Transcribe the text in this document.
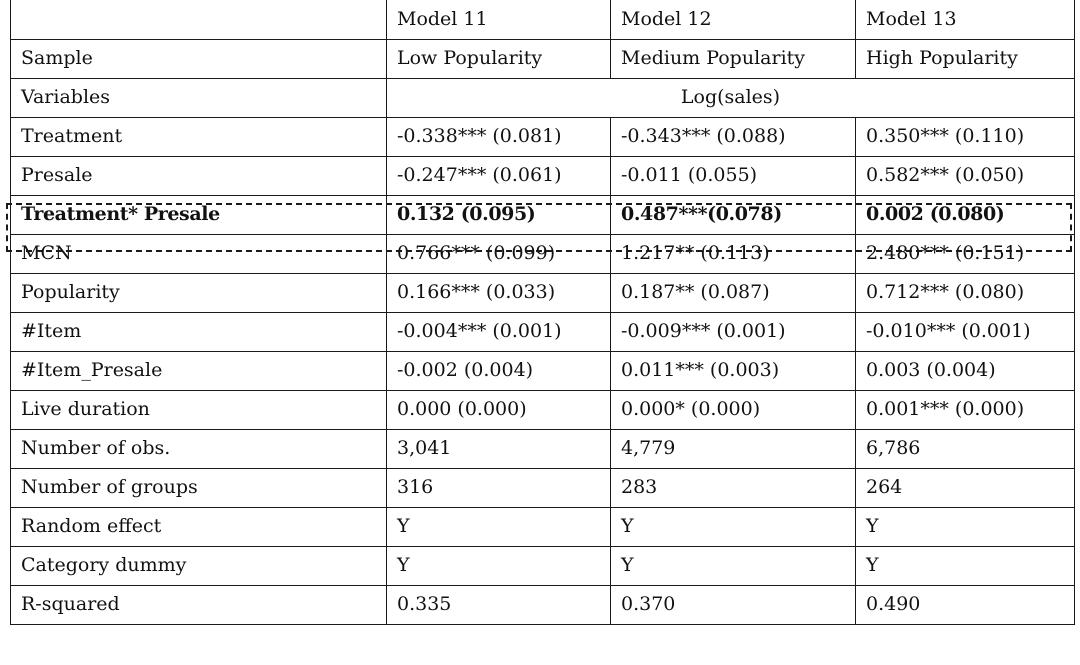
	Model 11	Model 12	Model 13
Sample	Low Popularity	Medium Popularity	High Popularity
Variables	Log(sales)		
Treatment	-0.338*** (0.081)	-0.343*** (0.088)	0.350*** (0.110)
Presale	-0.247*** (0.061)	-0.011 (0.055)	0.582*** (0.050)
Treatment* Presale	0.132 (0.095)	0.487***(0.078)	0.002 (0.080)
MCN	0.766*** (0.099)	1.217** (0.113)	2.480*** (0.151)
Popularity	0.166*** (0.033)	0.187** (0.087)	0.712*** (0.080)
#Item	-0.004*** (0.001)	-0.009*** (0.001)	-0.010*** (0.001)
#Item_Presale	-0.002 (0.004)	0.011*** (0.003)	0.003 (0.004)
Live duration	0.000 (0.000)	0.000* (0.000)	0.001*** (0.000)
Number of obs.	3,041	4,779	6,786
Number of groups	316	283	264
Random effect	Y	Y	Y
Category dummy	Y	Y	Y
R-squared	0.335	0.370	0.490
